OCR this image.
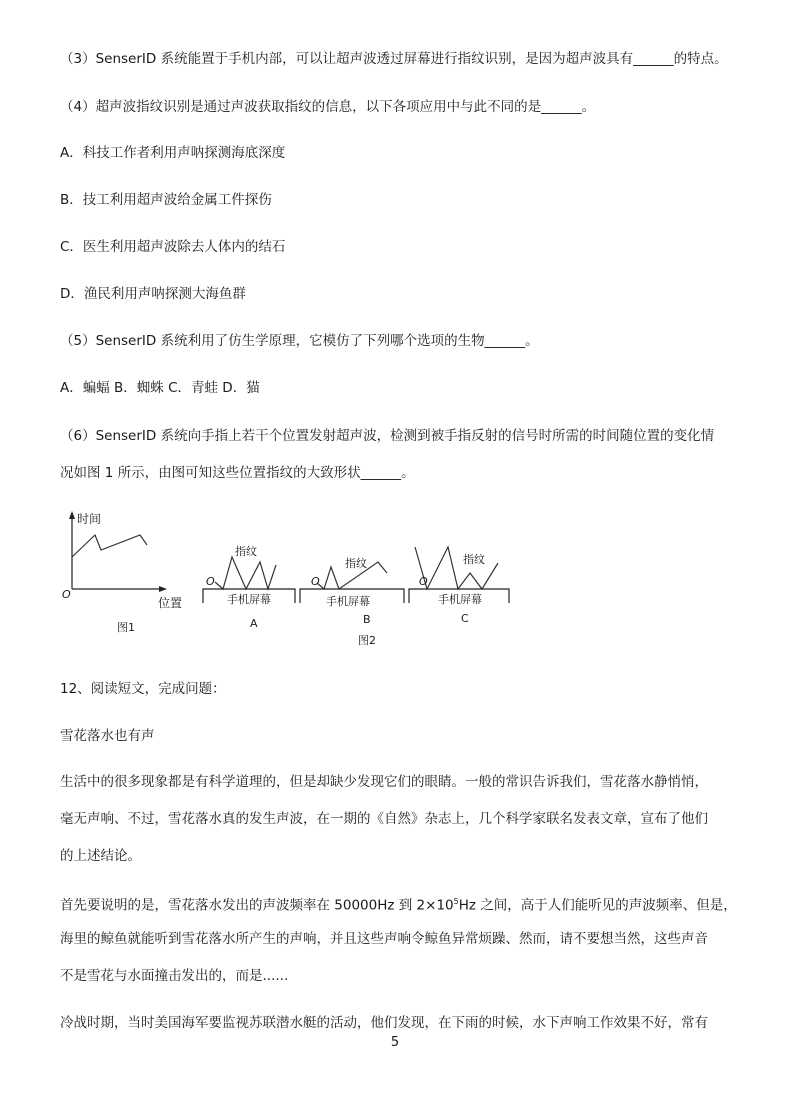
（3）SenserID 系统能置于手机内部，可以让超声波透过屏幕进行指纹识别，是因为超声波具有______的特点。
（4）超声波指纹识别是通过声波获取指纹的信息，以下各项应用中与此不同的是______。
A．科技工作者利用声呐探测海底深度
B．技工利用超声波给金属工件探伤
C．医生利用超声波除去人体内的结石
D．渔民利用声呐探测大海鱼群
（5）SenserID 系统利用了仿生学原理，它模仿了下列哪个选项的生物______。
A．蝙蝠 B．蜘蛛 C．青蛙 D．猫
（6）SenserID 系统向手指上若干个位置发射超声波，检测到被手指反射的信号时所需的时间随位置的变化情
况如图 1 所示，由图可知这些位置指纹的大致形状______。
时间
位置
O
图1
指纹
O
手机屏幕
A
指纹
O
手机屏幕
B
指纹
O
手机屏幕
C
图2
12、阅读短文，完成问题：
雪花落水也有声
生活中的很多现象都是有科学道理的，但是却缺少发现它们的眼睛。一般的常识告诉我们，雪花落水静悄悄，
毫无声响、不过，雪花落水真的发生声波，在一期的《自然》杂志上，几个科学家联名发表文章，宣布了他们
的上述结论。
首先要说明的是，雪花落水发出的声波频率在 50000Hz 到 $2\times 10^5Hz$ 之间，高于人们能听见的声波频率、但是，
海里的鲸鱼就能听到雪花落水所产生的声响，并且这些声响令鲸鱼异常烦躁、然而，请不要想当然，这些声音
不是雪花与水面撞击发出的，而是......
冷战时期，当时美国海军要监视苏联潜水艇的活动，他们发现，在下雨的时候，水下声响工作效果不好，常有
5
